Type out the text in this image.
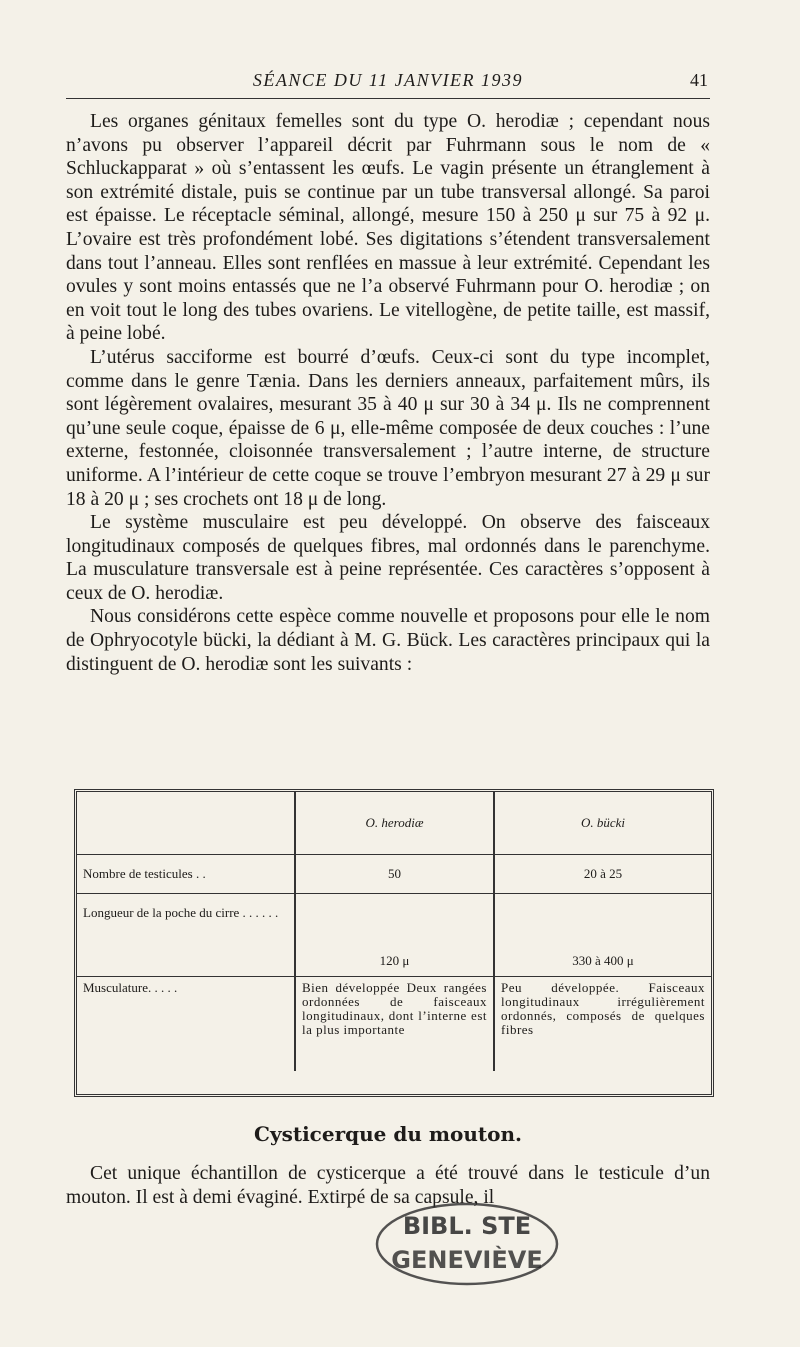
SÉANCE DU 11 JANVIER 1939	41

Les organes génitaux femelles sont du type O. herodiæ ; cependant nous n’avons pu observer l’appareil décrit par Fuhrmann sous le nom de « Schluckapparat » où s’entassent les œufs. Le vagin présente un étranglement à son extrémité distale, puis se continue par un tube transversal allongé. Sa paroi est épaisse. Le réceptacle séminal, allongé, mesure 150 à 250 μ sur 75 à 92 μ. L’ovaire est très profondément lobé. Ses digitations s’étendent transversalement dans tout l’anneau. Elles sont renflées en massue à leur extrémité. Cependant les ovules y sont moins entassés que ne l’a observé Fuhrmann pour O. herodiæ ; on en voit tout le long des tubes ovariens. Le vitellogène, de petite taille, est massif, à peine lobé.

L’utérus sacciforme est bourré d’œufs. Ceux-ci sont du type incomplet, comme dans le genre Tænia. Dans les derniers anneaux, parfaitement mûrs, ils sont légèrement ovalaires, mesurant 35 à 40 μ sur 30 à 34 μ. Ils ne comprennent qu’une seule coque, épaisse de 6 μ, elle-même composée de deux couches : l’une externe, festonnée, cloisonnée transversalement ; l’autre interne, de structure uniforme. A l’intérieur de cette coque se trouve l’embryon mesurant 27 à 29 μ sur 18 à 20 μ ; ses crochets ont 18 μ de long.

Le système musculaire est peu développé. On observe des faisceaux longitudinaux composés de quelques fibres, mal ordonnés dans le parenchyme. La musculature transversale est à peine représentée. Ces caractères s’opposent à ceux de O. herodiæ.

Nous considérons cette espèce comme nouvelle et proposons pour elle le nom de Ophryocotyle bücki, la dédiant à M. G. Bück. Les caractères principaux qui la distinguent de O. herodiæ sont les suivants :

	O. herodiæ	O. bücki
Nombre de testicules . .	50	20 à 25
Longueur de la poche du cirre . . . . . .	120 μ	330 à 400 μ
Musculature. . . . .	Bien développée Deux rangées ordonnées de faisceaux longitudinaux, dont l’interne est la plus importante	Peu développée. Faisceaux longitudinaux irrégulièrement ordonnés, composés de quelques fibres
Cysticerque du mouton.

Cet unique échantillon de cysticerque a été trouvé dans le testicule d’un mouton. Il est à demi évaginé. Extirpé de sa capsule, il

BIBL. STE
GENEVIÈVE
